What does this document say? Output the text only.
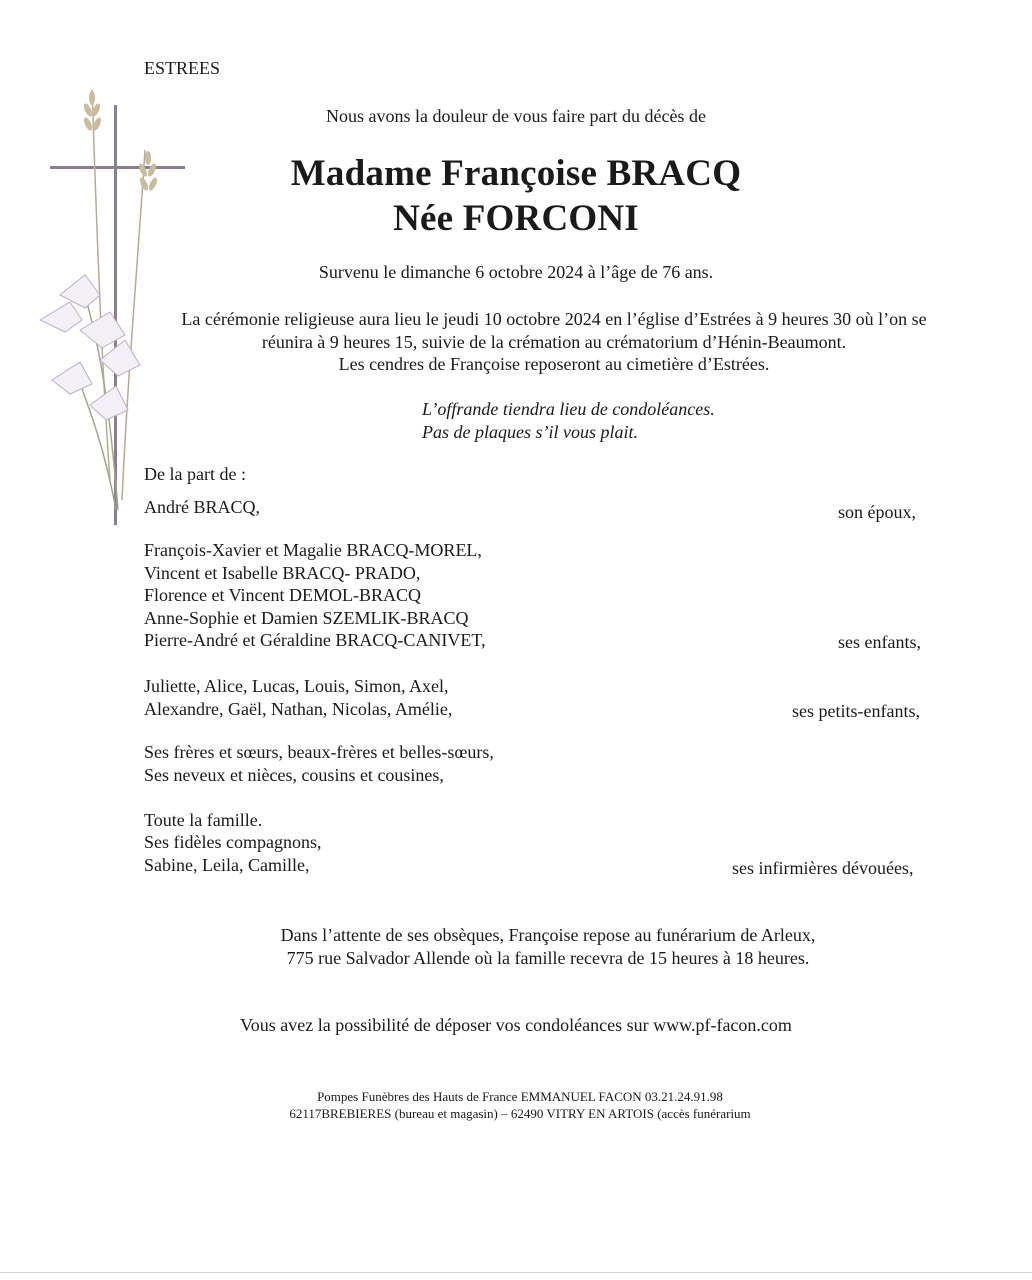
ESTREES
Nous avons la douleur de vous faire part du décès de
Madame Françoise BRACQ
Née FORCONI
Survenu le dimanche 6 octobre 2024 à l’âge de 76 ans.
La cérémonie religieuse aura lieu le jeudi 10 octobre 2024 en l’église d’Estrées à 9 heures 30 où l’on se
réunira à 9 heures 15, suivie de la crémation au crématorium d’Hénin-Beaumont.
Les cendres de Françoise reposeront au cimetière d’Estrées.
L’offrande tiendra lieu de condoléances.
Pas de plaques s’il vous plait.
De la part de :
André BRACQ,	son époux,
François-Xavier et Magalie BRACQ-MOREL,
Vincent et Isabelle BRACQ- PRADO,
Florence et Vincent DEMOL-BRACQ
Anne-Sophie et Damien SZEMLIK-BRACQ
Pierre-André et Géraldine BRACQ-CANIVET,	ses enfants,
Juliette, Alice, Lucas, Louis, Simon, Axel,
Alexandre, Gaël, Nathan, Nicolas, Amélie,	ses petits-enfants,
Ses frères et sœurs, beaux-frères et belles-sœurs,
Ses neveux et nièces, cousins et cousines,
Toute la famille.
Ses fidèles compagnons,
Sabine, Leila, Camille,	ses infirmières dévouées,
Dans l’attente de ses obsèques, Françoise repose au funérarium de Arleux,
775 rue Salvador Allende où la famille recevra de 15 heures à 18 heures.
Vous avez la possibilité de déposer vos condoléances sur www.pf-facon.com
Pompes Funèbres des Hauts de France EMMANUEL FACON 03.21.24.91.98
62117BREBIERES (bureau et magasin) – 62490 VITRY EN ARTOIS (accès funérarium
